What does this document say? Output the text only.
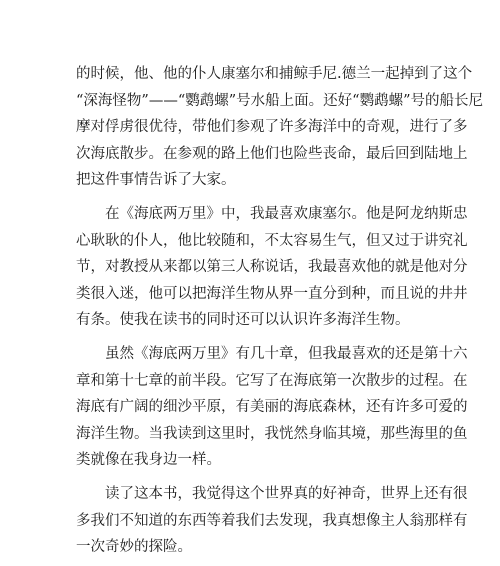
的时候，他、他的仆人康塞尔和捕鲸手尼.德兰一起掉到了这个
“深海怪物”——“鹦鹉螺”号水船上面。还好“鹦鹉螺”号的船长尼
摩对俘虏很优待，带他们参观了许多海洋中的奇观，进行了多
次海底散步。在参观的路上他们也险些丧命，最后回到陆地上
把这件事情告诉了大家。
在《海底两万里》中，我最喜欢康塞尔。他是阿龙纳斯忠
心耿耿的仆人，他比较随和，不太容易生气，但又过于讲究礼
节，对教授从来都以第三人称说话，我最喜欢他的就是他对分
类很入迷，他可以把海洋生物从界一直分到种，而且说的井井
有条。使我在读书的同时还可以认识许多海洋生物。
虽然《海底两万里》有几十章，但我最喜欢的还是第十六
章和第十七章的前半段。它写了在海底第一次散步的过程。在
海底有广阔的细沙平原，有美丽的海底森林，还有许多可爱的
海洋生物。当我读到这里时，我恍然身临其境，那些海里的鱼
类就像在我身边一样。
读了这本书，我觉得这个世界真的好神奇，世界上还有很
多我们不知道的东西等着我们去发现，我真想像主人翁那样有
一次奇妙的探险。
